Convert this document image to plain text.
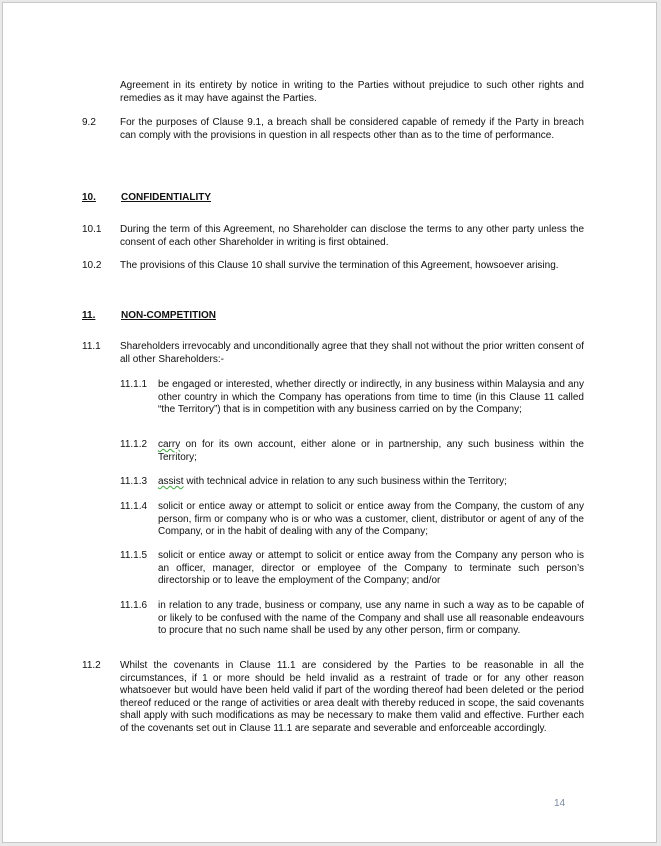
Agreement in its entirety by notice in writing to the Parties without prejudice to such other rights and remedies as it may have against the Parties.
9.2 For the purposes of Clause 9.1, a breach shall be considered capable of remedy if the Party in breach can comply with the provisions in question in all respects other than as to the time of performance.
10.	CONFIDENTIALITY
10.1 During the term of this Agreement, no Shareholder can disclose the terms to any other party unless the consent of each other Shareholder in writing is first obtained.
10.2 The provisions of this Clause 10 shall survive the termination of this Agreement, howsoever arising.
11.	NON-COMPETITION
11.1 Shareholders irrevocably and unconditionally agree that they shall not without the prior written consent of all other Shareholders:-
11.1.1 be engaged or interested, whether directly or indirectly, in any business within Malaysia and any other country in which the Company has operations from time to time (in this Clause 11 called “the Territory”) that is in competition with any business carried on by the Company;
11.1.2 carry on for its own account, either alone or in partnership, any such business within the Territory;
11.1.3 assist with technical advice in relation to any such business within the Territory;
11.1.4 solicit or entice away or attempt to solicit or entice away from the Company, the custom of any person, firm or company who is or who was a customer, client, distributor or agent of any of the Company, or in the habit of dealing with any of the Company;
11.1.5 solicit or entice away or attempt to solicit or entice away from the Company any person who is an officer, manager, director or employee of the Company to terminate such person’s directorship or to leave the employment of the Company; and/or
11.1.6 in relation to any trade, business or company, use any name in such a way as to be capable of or likely to be confused with the name of the Company and shall use all reasonable endeavours to procure that no such name shall be used by any other person, firm or company.
11.2 Whilst the covenants in Clause 11.1 are considered by the Parties to be reasonable in all the circumstances, if 1 or more should be held invalid as a restraint of trade or for any other reason whatsoever but would have been held valid if part of the wording thereof had been deleted or the period thereof reduced or the range of activities or area dealt with thereby reduced in scope, the said covenants shall apply with such modifications as may be necessary to make them valid and effective. Further each of the covenants set out in Clause 11.1 are separate and severable and enforceable accordingly.
14
